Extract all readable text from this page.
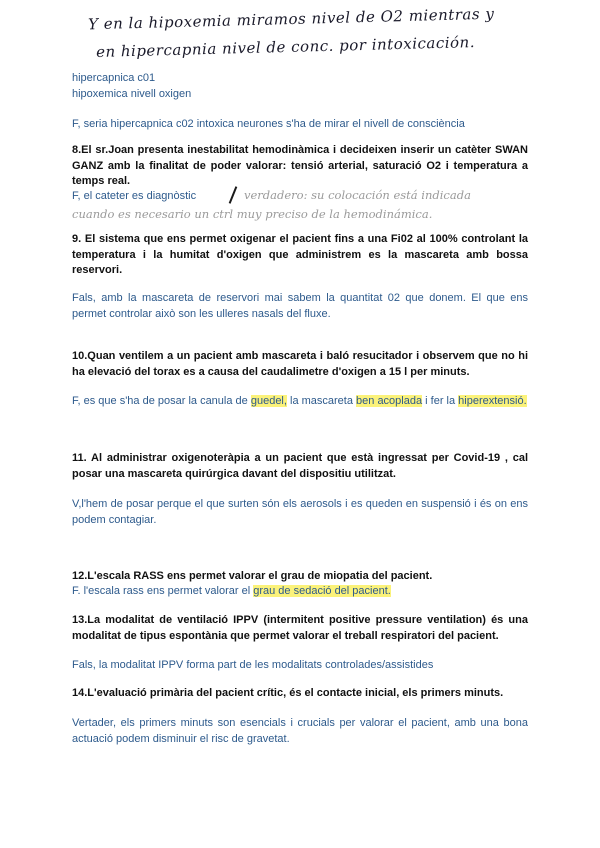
Y en la hipoxemia miramos nivel de O2 mientras y
en hipercapnia nivel de conc. por intoxicación.
hipercapnica c01
hipoxemica nivell oxigen
F, seria hipercapnica c02 intoxica neurones s'ha de mirar el nivell de consciència
8.El sr.Joan presenta inestabilitat hemodinàmica i decideixen inserir un catèter SWAN GANZ amb la finalitat de poder valorar: tensió arterial, saturació O2 i temperatura a temps real.
F, el cateter es diagnòstic	verdadero: su colocación está indicada
cuando es necesario un ctrl muy preciso de la hemodinámica.
9. El sistema que ens permet oxigenar el pacient fins a una Fi02 al 100% controlant la temperatura i la humitat d'oxigen que administrem es la mascareta amb bossa reservori.
Fals, amb la mascareta de reservori mai sabem la quantitat 02 que donem. El que ens permet controlar això son les ulleres nasals del fluxe.
10.Quan ventilem a un pacient amb mascareta i baló resucitador i observem que no hi ha elevació del torax es a causa del caudalimetre d'oxigen a 15 l per minuts.
F, es que s'ha de posar la canula de guedel, la mascareta ben acoplada i fer la hiperextensió.
11. Al administrar oxigenoteràpia a un pacient que està ingressat per Covid-19 , cal posar una mascareta quirúrgica davant del dispositiu utilitzat.
V,l'hem de posar perque el que surten són els aerosols i es queden en suspensió i és on ens podem contagiar.
12.L'escala RASS ens permet valorar el grau de miopatia del pacient.
F. l'escala rass ens permet valorar el grau de sedació del pacient.
13.La modalitat de ventilació IPPV (intermitent positive pressure ventilation) és una modalitat de tipus espontània que permet valorar el treball respiratori del pacient.
Fals, la modalitat IPPV forma part de les modalitats controlades/assistides
14.L'evaluació primària del pacient crític, és el contacte inicial, els primers minuts.
Vertader, els primers minuts son esencials i crucials per valorar el pacient, amb una bona actuació podem disminuir el risc de gravetat.
